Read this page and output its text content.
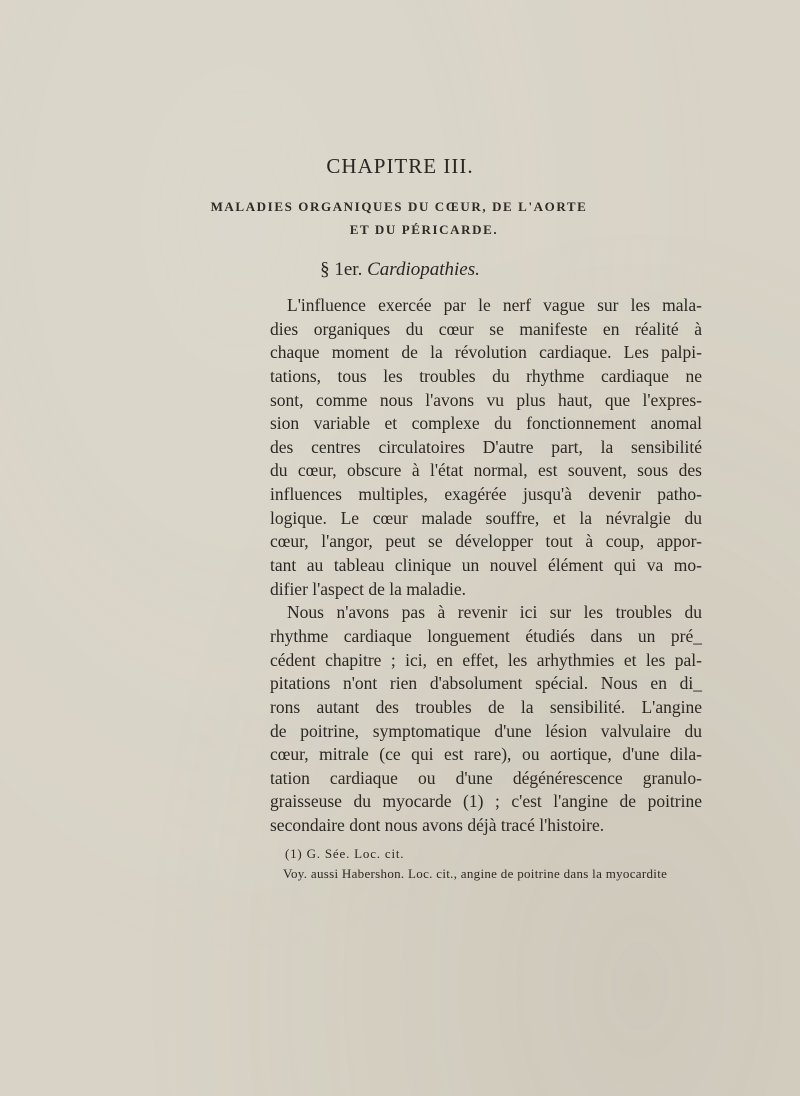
CHAPITRE III.
MALADIES ORGANIQUES DU CŒUR, DE L'AORTE
ET DU PÉRICARDE.
§ 1er. Cardiopathies.
L'influence exercée par le nerf vague sur les mala-
dies organiques du cœur se manifeste en réalité à
chaque moment de la révolution cardiaque. Les palpi-
tations, tous les troubles du rhythme cardiaque ne
sont, comme nous l'avons vu plus haut, que l'expres-
sion variable et complexe du fonctionnement anomal
des centres circulatoires D'autre part, la sensibilité
du cœur, obscure à l'état normal, est souvent, sous des
influences multiples, exagérée jusqu'à devenir patho-
logique. Le cœur malade souffre, et la névralgie du
cœur, l'angor, peut se développer tout à coup, appor-
tant au tableau clinique un nouvel élément qui va mo-
difier l'aspect de la maladie.
Nous n'avons pas à revenir ici sur les troubles du
rhythme cardiaque longuement étudiés dans un pré_
cédent chapitre ; ici, en effet, les arhythmies et les pal-
pitations n'ont rien d'absolument spécial. Nous en di_
rons autant des troubles de la sensibilité. L'angine
de poitrine, symptomatique d'une lésion valvulaire du
cœur, mitrale (ce qui est rare), ou aortique, d'une dila-
tation cardiaque ou d'une dégénérescence granulo-
graisseuse du myocarde (1) ; c'est l'angine de poitrine
secondaire dont nous avons déjà tracé l'histoire.
(1) G. Sée. Loc. cit.
Voy. aussi Habershon. Loc. cit., angine de poitrine dans la myocardite
